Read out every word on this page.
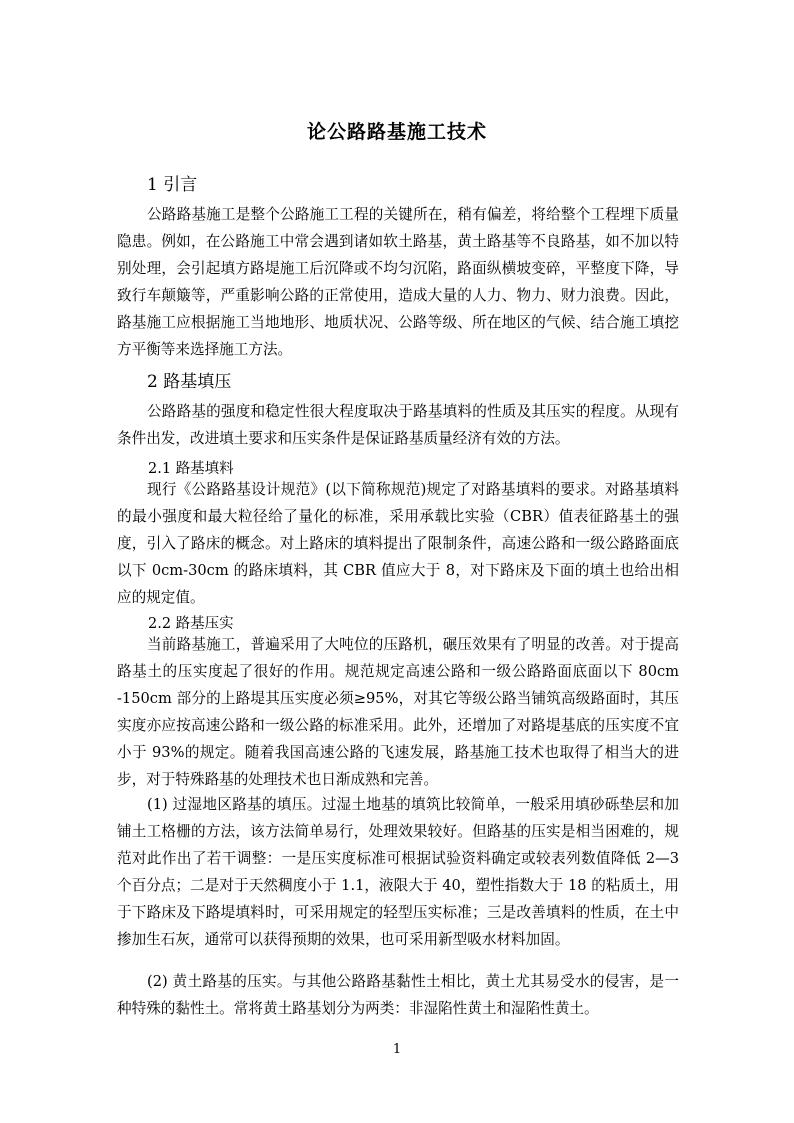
论公路路基施工技术
1 引言

公路路基施工是整个公路施工工程的关键所在，稍有偏差，将给整个工程埋下质量隐患。例如，在公路施工中常会遇到诸如软土路基，黄土路基等不良路基，如不加以特别处理，会引起填方路堤施工后沉降或不均匀沉陷，路面纵横坡变碎，平整度下降，导致行车颠簸等，严重影响公路的正常使用，造成大量的人力、物力、财力浪费。因此，路基施工应根据施工当地地形、地质状况、公路等级、所在地区的气候、结合施工填挖方平衡等来选择施工方法。

2 路基填压

公路路基的强度和稳定性很大程度取决于路基填料的性质及其压实的程度。从现有条件出发，改进填土要求和压实条件是保证路基质量经济有效的方法。

2.1 路基填料

现行《公路路基设计规范》(以下简称规范)规定了对路基填料的要求。对路基填料的最小强度和最大粒径给了量化的标准，采用承载比实验（CBR）值表征路基土的强度，引入了路床的概念。对上路床的填料提出了限制条件，高速公路和一级公路路面底以下 0cm-30cm 的路床填料，其 CBR 值应大于 8，对下路床及下面的填土也给出相应的规定值。

2.2 路基压实

当前路基施工，普遍采用了大吨位的压路机，碾压效果有了明显的改善。对于提高路基土的压实度起了很好的作用。规范规定高速公路和一级公路路面底面以下 80cm -150cm 部分的上路堤其压实度必须≥95%，对其它等级公路当铺筑高级路面时，其压实度亦应按高速公路和一级公路的标准采用。此外，还增加了对路堤基底的压实度不宜小于 93%的规定。随着我国高速公路的飞速发展，路基施工技术也取得了相当大的进步，对于特殊路基的处理技术也日渐成熟和完善。

(1) 过湿地区路基的填压。过湿土地基的填筑比较简单，一般采用填砂砾垫层和加铺土工格栅的方法，该方法简单易行，处理效果较好。但路基的压实是相当困难的，规范对此作出了若干调整：一是压实度标准可根据试验资料确定或较表列数值降低 2—3 个百分点；二是对于天然稠度小于 1.1，液限大于 40，塑性指数大于 18 的粘质土，用于下路床及下路堤填料时，可采用规定的轻型压实标准；三是改善填料的性质，在土中掺加生石灰，通常可以获得预期的效果，也可采用新型吸水材料加固。

(2) 黄土路基的压实。与其他公路路基黏性土相比，黄土尤其易受水的侵害，是一种特殊的黏性土。常将黄土路基划分为两类：非湿陷性黄土和湿陷性黄土。

1
